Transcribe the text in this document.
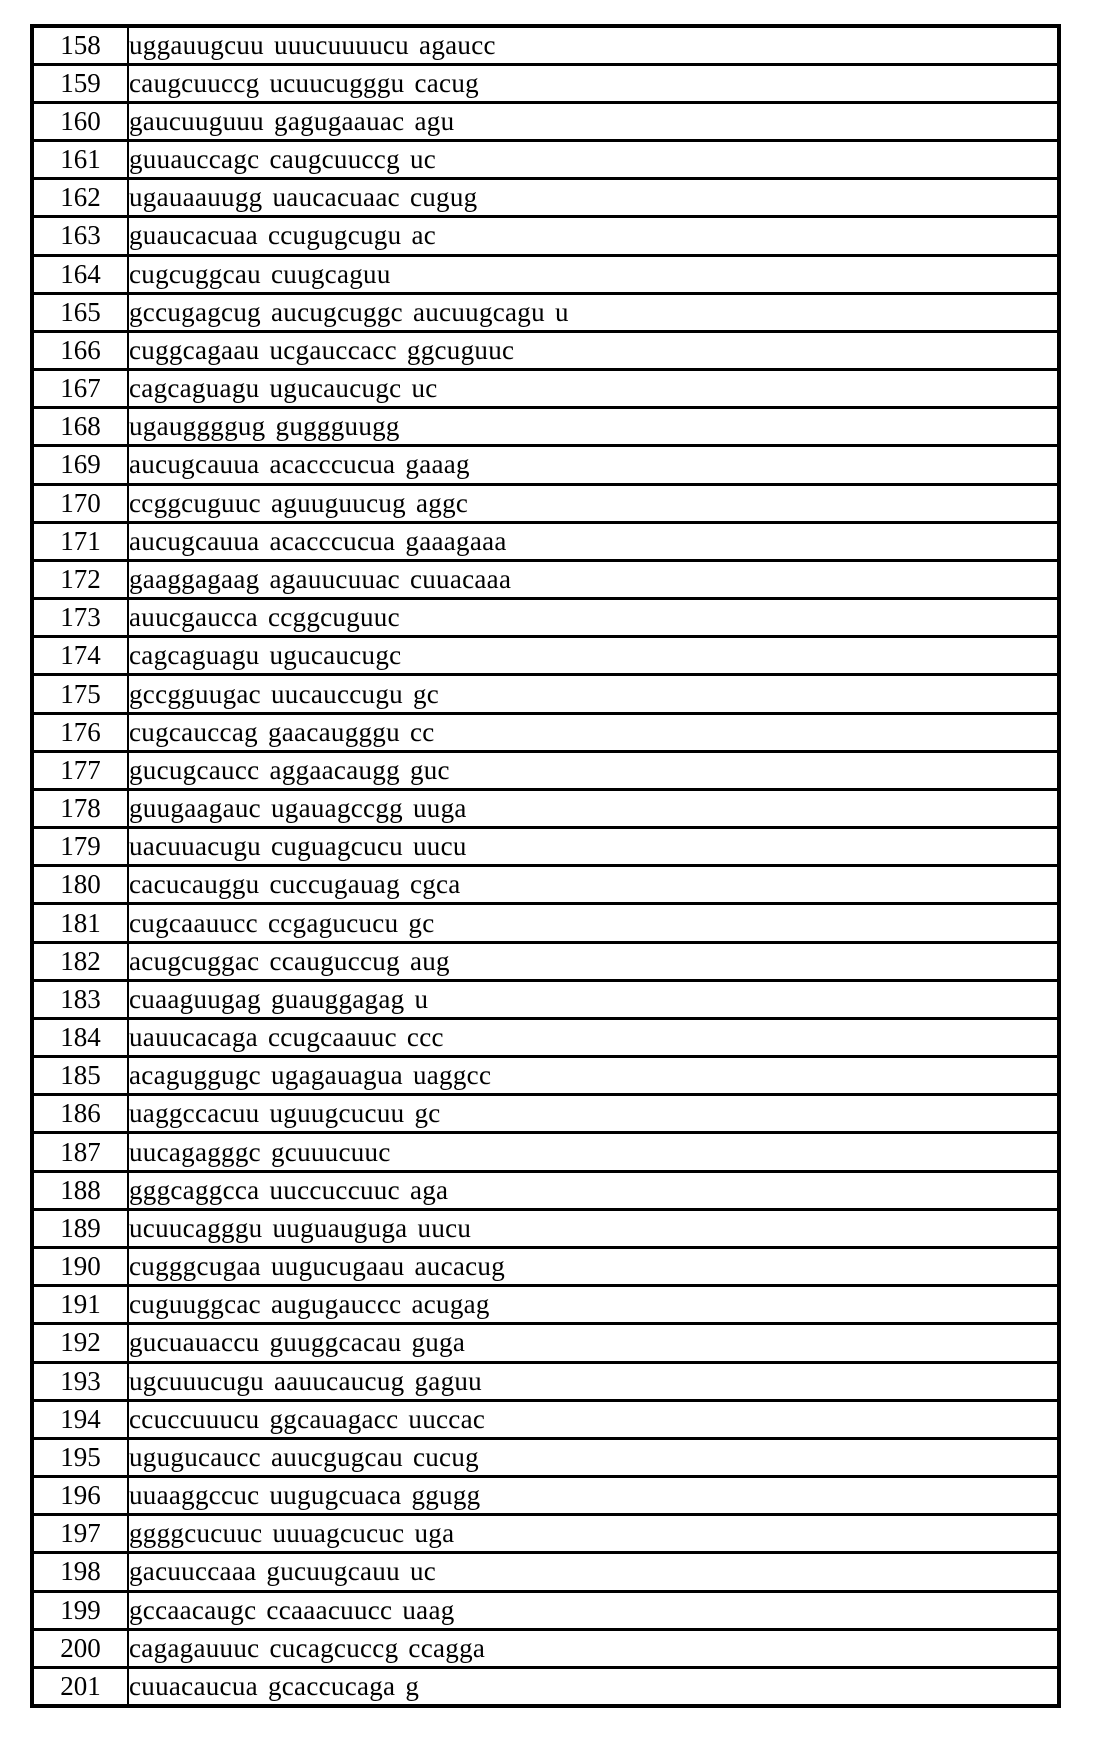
158	uggauugcuu uuucuuuucu agaucc
159	caugcuuccg ucuucugggu cacug
160	gaucuuguuu gagugaauac agu
161	guuauccagc caugcuuccg uc
162	ugauaauugg uaucacuaac cugug
163	guaucacuaa ccugugcugu ac
164	cugcuggcau cuugcaguu
165	gccugagcug aucugcuggc aucuugcagu u
166	cuggcagaau ucgauccacc ggcuguuc
167	cagcaguagu ugucaucugc uc
168	ugauggggug guggguugg
169	aucugcauua acacccucua gaaag
170	ccggcuguuc aguuguucug aggc
171	aucugcauua acacccucua gaaagaaa
172	gaaggagaag agauucuuac cuuacaaa
173	auucgaucca ccggcuguuc
174	cagcaguagu ugucaucugc
175	gccgguugac uucauccugu gc
176	cugcauccag gaacaugggu cc
177	gucugcaucc aggaacaugg guc
178	guugaagauc ugauagccgg uuga
179	uacuuacugu cuguagcucu uucu
180	cacucauggu cuccugauag cgca
181	cugcaauucc ccgagucucu gc
182	acugcuggac ccauguccug aug
183	cuaaguugag guauggagag u
184	uauucacaga ccugcaauuc ccc
185	acaguggugc ugagauagua uaggcc
186	uaggccacuu uguugcucuu gc
187	uucagagggc gcuuucuuc
188	gggcaggcca uuccuccuuc aga
189	ucuucagggu uuguauguga uucu
190	cugggcugaa uugucugaau aucacug
191	cuguuggcac augugauccc acugag
192	gucuauaccu guuggcacau guga
193	ugcuuucugu aauucaucug gaguu
194	ccuccuuucu ggcauagacc uuccac
195	ugugucaucc auucgugcau cucug
196	uuaaggccuc uugugcuaca ggugg
197	ggggcucuuc uuuagcucuc uga
198	gacuuccaaa gucuugcauu uc
199	gccaacaugc ccaaacuucc uaag
200	cagagauuuc cucagcuccg ccagga
201	cuuacaucua gcaccucaga g
